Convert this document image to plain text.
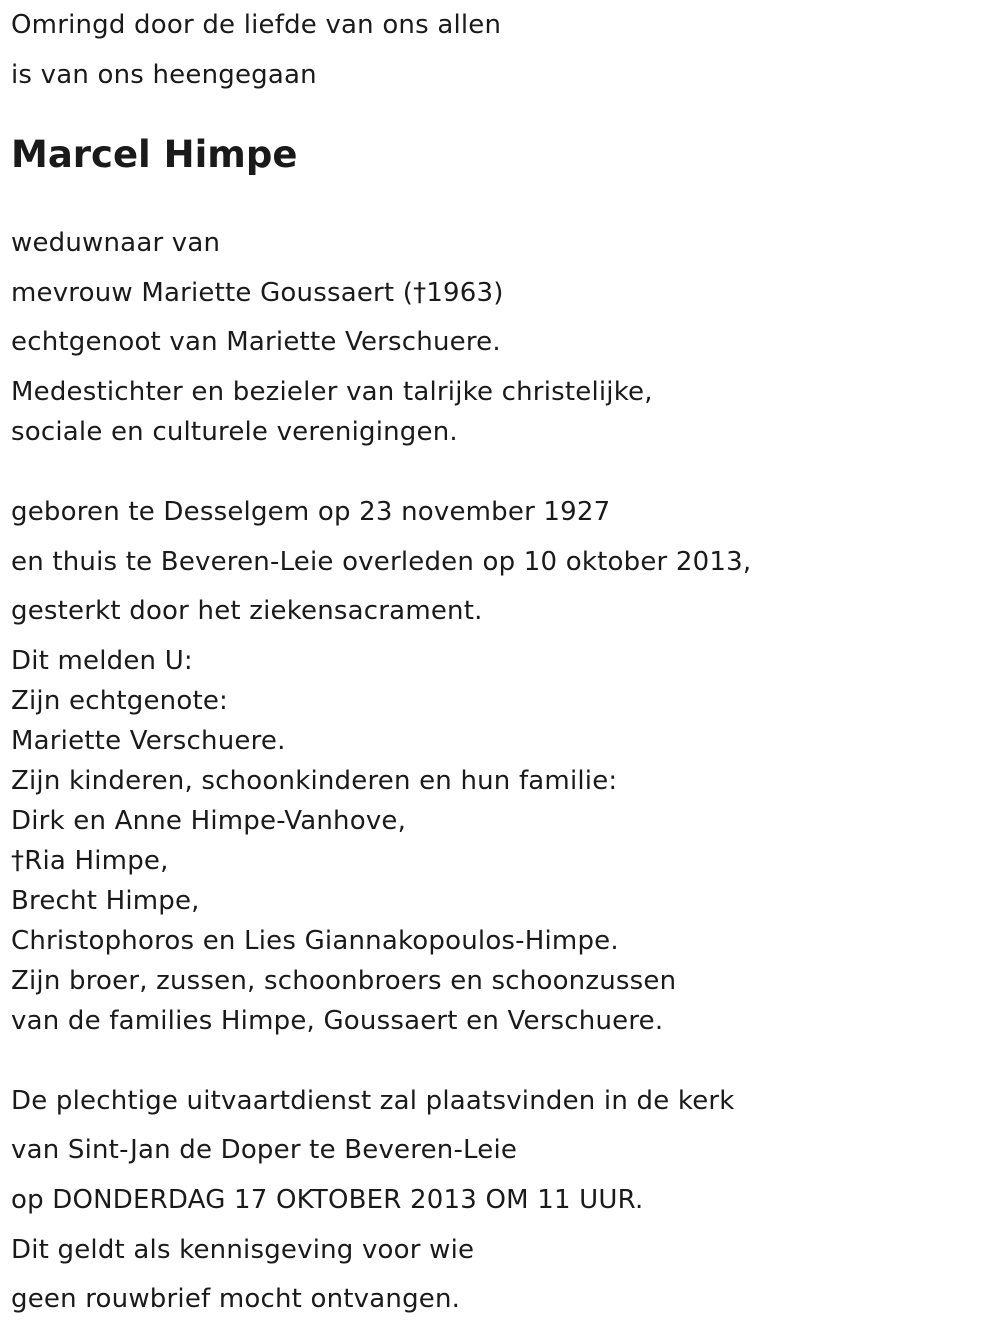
Omringd door de liefde van ons allen
is van ons heengegaan
Marcel Himpe
weduwnaar van
mevrouw Mariette Goussaert (†1963)
echtgenoot van Mariette Verschuere.
Medestichter en bezieler van talrijke christelijke,
sociale en culturele verenigingen.
geboren te Desselgem op 23 november 1927
en thuis te Beveren-Leie overleden op 10 oktober 2013,
gesterkt door het ziekensacrament.
Dit melden U:
Zijn echtgenote:
Mariette Verschuere.
Zijn kinderen, schoonkinderen en hun familie:
Dirk en Anne Himpe-Vanhove,
†Ria Himpe,
Brecht Himpe,
Christophoros en Lies Giannakopoulos-Himpe.
Zijn broer, zussen, schoonbroers en schoonzussen
van de families Himpe, Goussaert en Verschuere.
De plechtige uitvaartdienst zal plaatsvinden in de kerk
van Sint-Jan de Doper te Beveren-Leie
op DONDERDAG 17 OKTOBER 2013 OM 11 UUR.
Dit geldt als kennisgeving voor wie
geen rouwbrief mocht ontvangen.
